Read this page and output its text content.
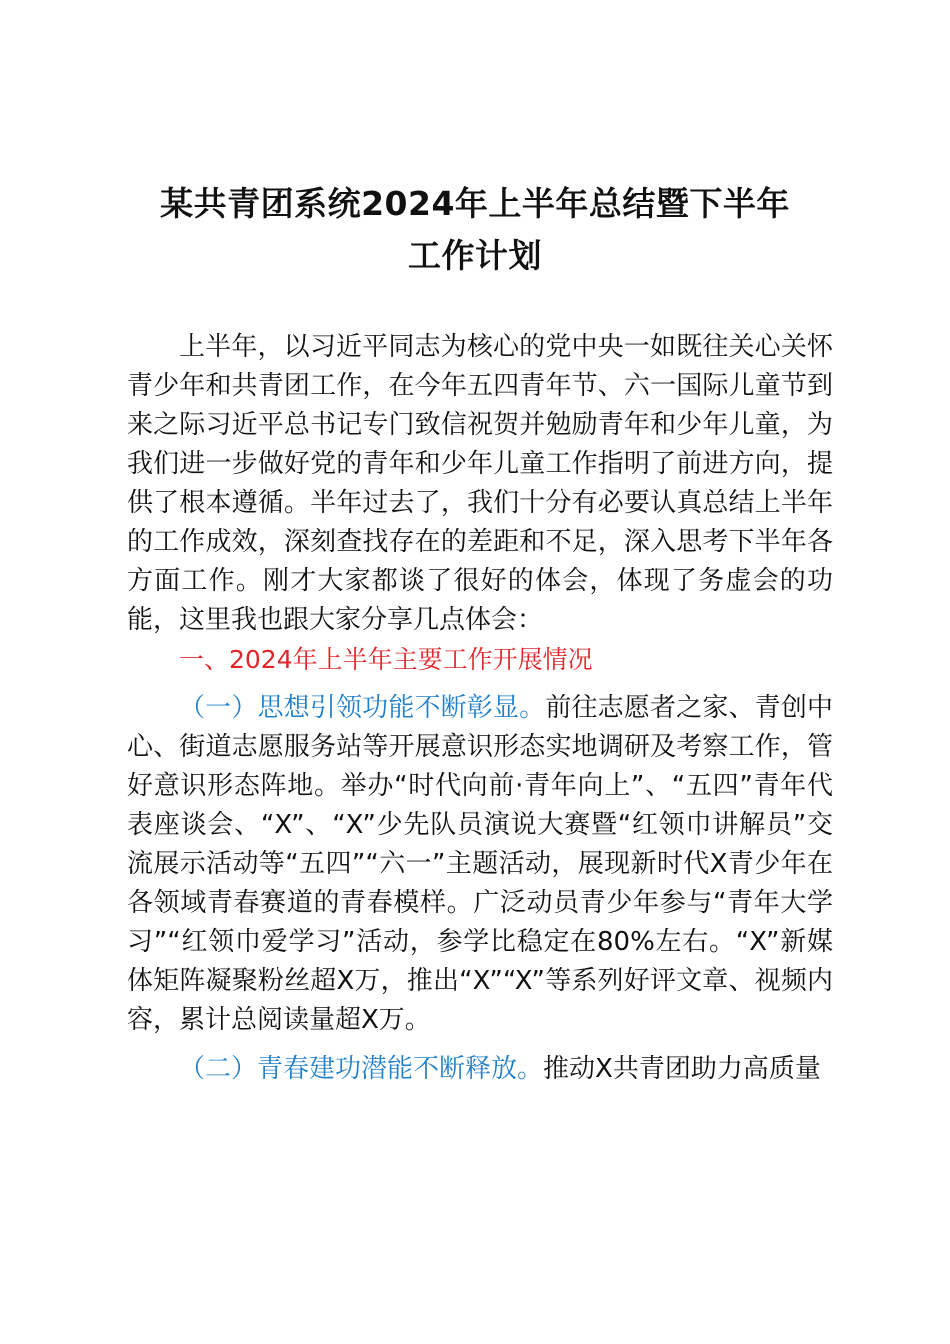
某共青团系统2024年上半年总结暨下半年
工作计划

上半年，以习近平同志为核心的党中央一如既往关心关怀青少年和共青团工作，在今年五四青年节、六一国际儿童节到来之际习近平总书记专门致信祝贺并勉励青年和少年儿童，为我们进一步做好党的青年和少年儿童工作指明了前进方向，提供了根本遵循。半年过去了，我们十分有必要认真总结上半年的工作成效，深刻查找存在的差距和不足，深入思考下半年各方面工作。刚才大家都谈了很好的体会，体现了务虚会的功能，这里我也跟大家分享几点体会：

一、2024年上半年主要工作开展情况

（一）思想引领功能不断彰显。前往志愿者之家、青创中心、街道志愿服务站等开展意识形态实地调研及考察工作，管好意识形态阵地。举办“时代向前·青年向上”、“五四”青年代表座谈会、“X”、“X”少先队员演说大赛暨“红领巾讲解员”交流展示活动等“五四”“六一”主题活动，展现新时代X青少年在各领域青春赛道的青春模样。广泛动员青少年参与“青年大学习”“红领巾爱学习”活动，参学比稳定在80%左右。“X”新媒体矩阵凝聚粉丝超X万，推出“X”“X”等系列好评文章、视频内容，累计总阅读量超X万。

（二）青春建功潜能不断释放。推动X共青团助力高质量
